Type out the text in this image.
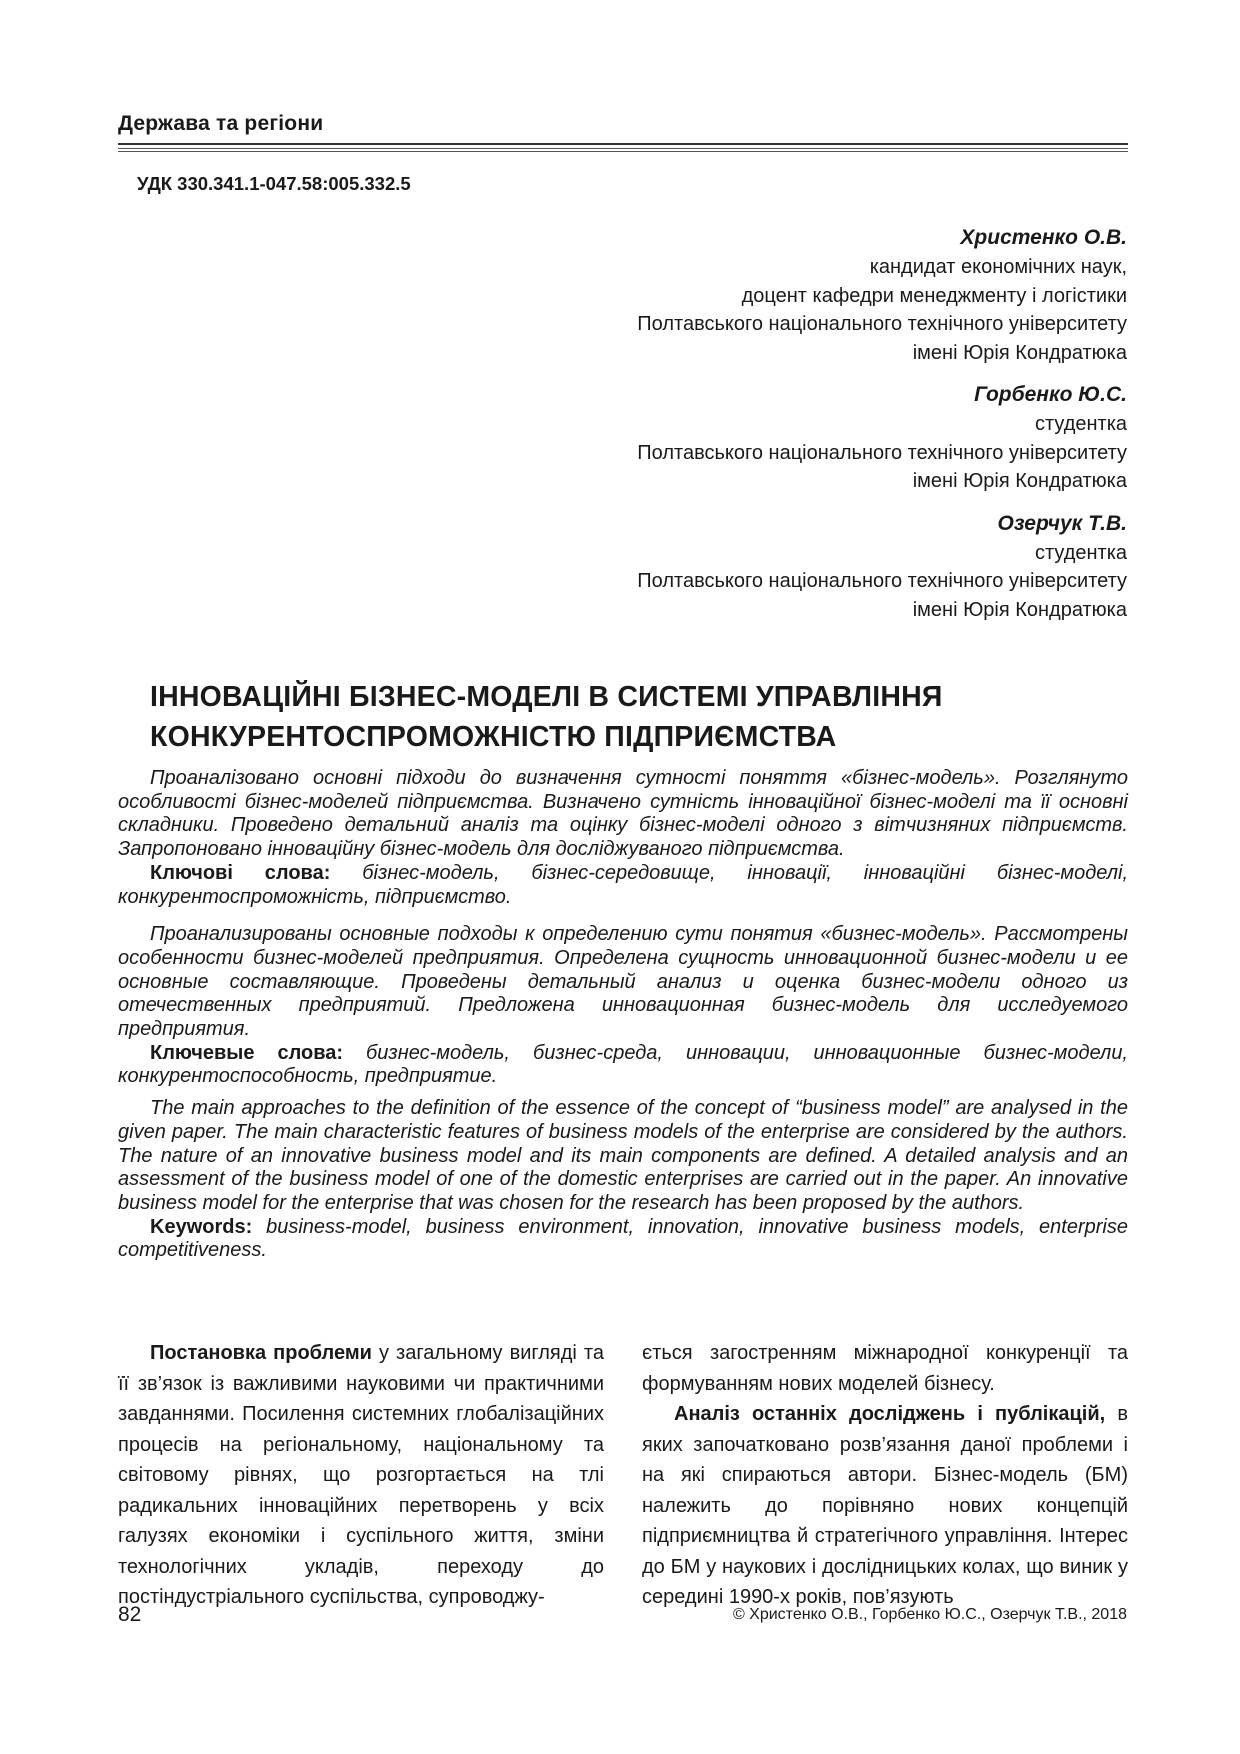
Держава та регіони
УДК 330.341.1-047.58:005.332.5
Христенко О.В.
кандидат економічних наук,
доцент кафедри менеджменту і логістики
Полтавського національного технічного університету
імені Юрія Кондратюка
Горбенко Ю.С.
студентка
Полтавського національного технічного університету
імені Юрія Кондратюка
Озерчук Т.В.
студентка
Полтавського національного технічного університету
імені Юрія Кондратюка
ІННОВАЦІЙНІ БІЗНЕС-МОДЕЛІ В СИСТЕМІ УПРАВЛІННЯ
КОНКУРЕНТОСПРОМОЖНІСТЮ ПІДПРИЄМСТВА

Проаналізовано основні підходи до визначення сутності поняття «бізнес-модель». Розглянуто особливості бізнес-моделей підприємства. Визначено сутність інноваційної бізнес-моделі та її основні складники. Проведено детальний аналіз та оцінку бізнес-моделі одного з вітчизняних підприємств. Запропоновано інноваційну бізнес-модель для досліджуваного підприємства.

Ключові слова: бізнес-модель, бізнес-середовище, інновації, інноваційні бізнес-моделі, конкурентоспроможність, підприємство.

Проанализированы основные подходы к определению сути понятия «бизнес-модель». Рассмотрены особенности бизнес-моделей предприятия. Определена сущность инновационной бизнес-модели и ее основные составляющие. Проведены детальный анализ и оценка бизнес-модели одного из отечественных предприятий. Предложена инновационная бизнес-модель для исследуемого предприятия.

Ключевые слова: бизнес-модель, бизнес-среда, инновации, инновационные бизнес-модели, конкурентоспособность, предприятие.

The main approaches to the definition of the essence of the concept of “business model” are analysed in the given paper. The main characteristic features of business models of the enterprise are considered by the authors. The nature of an innovative business model and its main components are defined. A detailed analysis and an assessment of the business model of one of the domestic enterprises are carried out in the paper. An innovative business model for the enterprise that was chosen for the research has been proposed by the authors.

Keywords: business-model, business environment, innovation, innovative business models, enterprise competitiveness.

Постановка проблеми у загальному вигляді та її зв’язок із важливими науковими чи практичними завданнями. Посилення системних глобалізаційних процесів на регіональному, національному та світовому рівнях, що розгортається на тлі радикальних інноваційних перетворень у всіх галузях економіки і суспільного життя, зміни технологічних укладів, переходу до постіндустріального суспільства, супроводжу-

ється загостренням міжнародної конкуренції та формуванням нових моделей бізнесу.

Аналіз останніх досліджень і публікацій, в яких започатковано розв’язання даної проблеми і на які спираються автори. Бізнес-модель (БМ) належить до порівняно нових концепцій підприємництва й стратегічного управління. Інтерес до БМ у наукових і дослідницьких колах, що виник у середині 1990-х років, пов’язують

82	© Христенко О.В., Горбенко Ю.С., Озерчук Т.В., 2018
